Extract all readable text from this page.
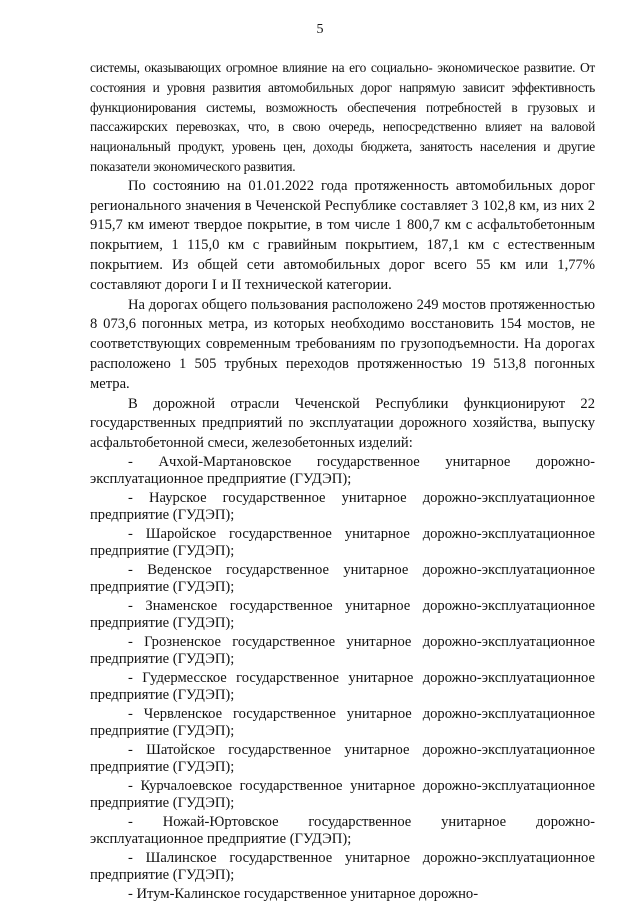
5

системы, оказывающих огромное влияние на его социально- экономическое развитие. От состояния и уровня развития автомобильных дорог напрямую зависит эффективность функционирования системы, возможность обеспечения потребностей в грузовых и пассажирских перевозках, что, в свою очередь, непосредственно влияет на валовой национальный продукт, уровень цен, доходы бюджета, занятость населения и другие показатели экономического развития.

По состоянию на 01.01.2022 года протяженность автомобильных дорог регионального значения в Чеченской Республике составляет 3 102,8 км, из них 2 915,7 км имеют твердое покрытие, в том числе 1 800,7 км с асфальтобетонным покрытием, 1 115,0 км с гравийным покрытием, 187,1 км с естественным покрытием. Из общей сети автомобильных дорог всего 55 км или 1,77% составляют дороги I и II технической категории.

На дорогах общего пользования расположено 249 мостов протяженностью 8 073,6 погонных метра, из которых необходимо восстановить 154 мостов, не соответствующих современным требованиям по грузоподъемности. На дорогах расположено 1 505 трубных переходов протяженностью 19 513,8 погонных метра.

В дорожной отрасли Чеченской Республики функционируют 22 государственных предприятий по эксплуатации дорожного хозяйства, выпуску асфальтобетонной смеси, железобетонных изделий:

- Ачхой-Мартановское государственное унитарное дорожно-эксплуатационное предприятие (ГУДЭП);

- Наурское государственное унитарное дорожно-эксплуатационное предприятие (ГУДЭП);

- Шаройское государственное унитарное дорожно-эксплуатационное предприятие (ГУДЭП);

- Веденское государственное унитарное дорожно-эксплуатационное предприятие (ГУДЭП);

- Знаменское государственное унитарное дорожно-эксплуатационное предприятие (ГУДЭП);

- Грозненское государственное унитарное дорожно-эксплуатационное предприятие (ГУДЭП);

- Гудермесское государственное унитарное дорожно-эксплуатационное предприятие (ГУДЭП);

- Червленское государственное унитарное дорожно-эксплуатационное предприятие (ГУДЭП);

- Шатойское государственное унитарное дорожно-эксплуатационное предприятие (ГУДЭП);

- Курчалоевское государственное унитарное дорожно-эксплуатационное предприятие (ГУДЭП);

- Ножай-Юртовское государственное унитарное дорожно-эксплуатационное предприятие (ГУДЭП);

- Шалинское государственное унитарное дорожно-эксплуатационное предприятие (ГУДЭП);

- Итум-Калинское государственное унитарное дорожно-
